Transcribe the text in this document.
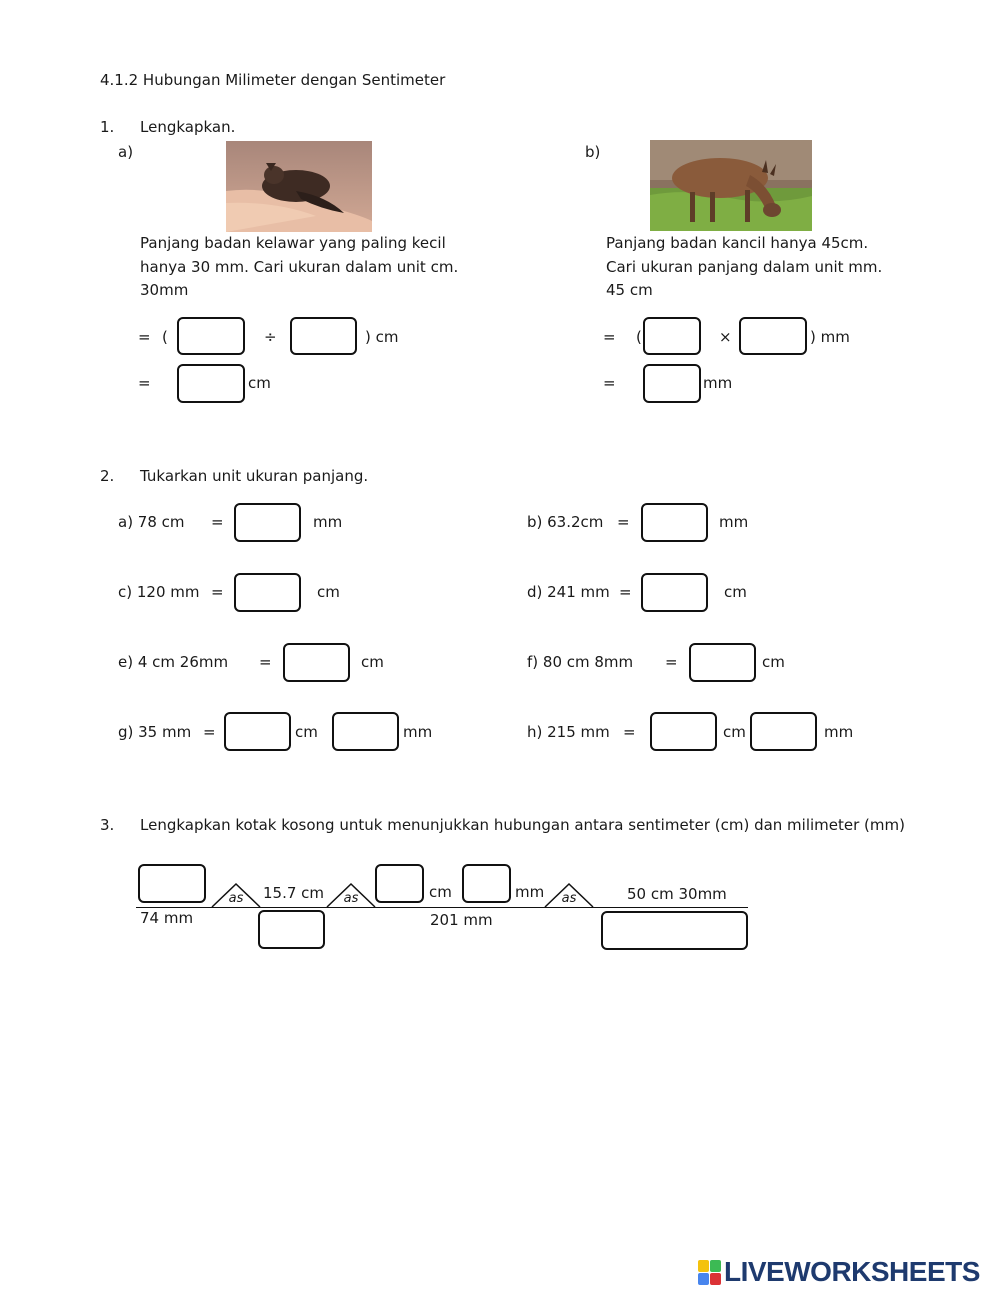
4.1.2 Hubungan Milimeter dengan Sentimeter
1. Lengkapkan.
a)
Panjang badan kelawar yang paling kecil
hanya 30 mm. Cari ukuran dalam unit cm.
30mm
= (	÷	) cm
=	cm
b)
Panjang badan kancil hanya 45cm.
Cari ukuran panjang dalam unit mm.
45 cm
= (	×	) mm
=	mm
2. Tukarkan unit ukuran panjang.
a) 78 cm =	mm	b) 63.2cm =	mm
c) 120 mm =	cm	d) 241 mm =	cm
e) 4 cm 26mm =	cm	f) 80 cm 8mm =	cm
g) 35 mm =	cm	mm	h) 215 mm =	cm	mm
3. Lengkapkan kotak kosong untuk menunjukkan hubungan antara sentimeter (cm) dan milimeter (mm)
74 mm
as	15.7 cm	as	cm	mm
201 mm
as	50 cm 30mm
LIVEWORKSHEETS
